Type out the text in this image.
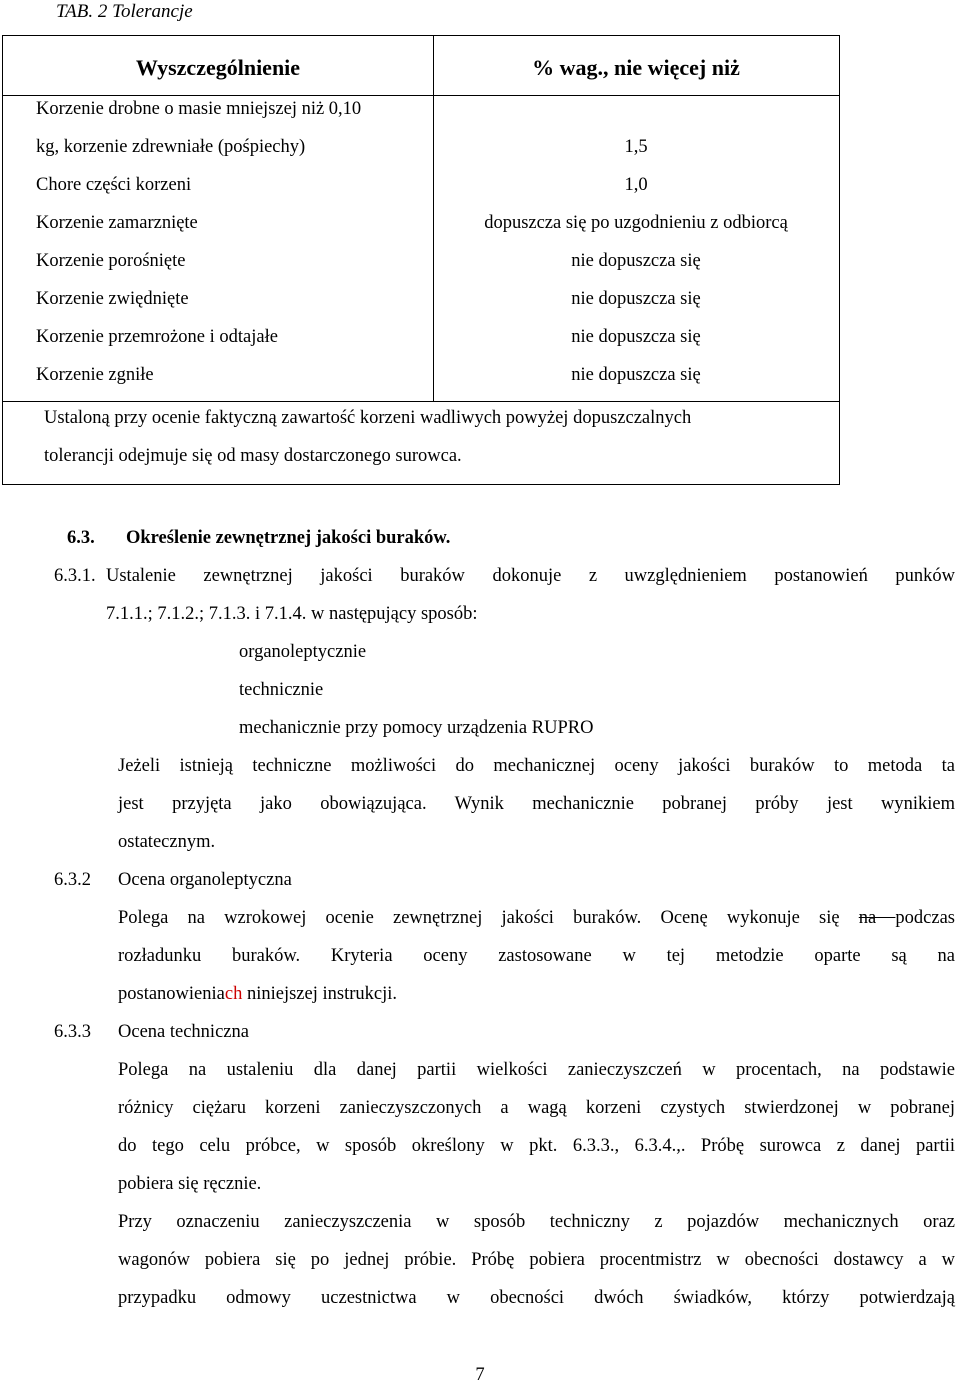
TAB. 2 Tolerancje
Wyszczególnienie	% wag., nie więcej niż
Korzenie drobne o masie mniejszej niż 0,10
kg, korzenie zdrewniałe (pośpiechy)	1,5
Chore części korzeni	1,0
Korzenie zamarznięte	dopuszcza się po uzgodnieniu z odbiorcą
Korzenie porośnięte	nie dopuszcza się
Korzenie zwiędnięte	nie dopuszcza się
Korzenie przemrożone i odtajałe	nie dopuszcza się
Korzenie zgniłe	nie dopuszcza się
Ustaloną przy ocenie faktyczną zawartość korzeni wadliwych powyżej dopuszczalnych
tolerancji odejmuje się od masy dostarczonego surowca.
6.3. Określenie zewnętrznej jakości buraków.
6.3.1. Ustalenie zewnętrznej jakości buraków dokonuje z uwzględnieniem postanowień punków
7.1.1.; 7.1.2.; 7.1.3. i 7.1.4. w następujący sposób:
organoleptycznie
technicznie
mechanicznie przy pomocy urządzenia RUPRO
Jeżeli istnieją techniczne możliwości do mechanicznej oceny jakości buraków to metoda ta
jest przyjęta jako obowiązująca. Wynik mechanicznie pobranej próby jest wynikiem
ostatecznym.
6.3.2 Ocena organoleptyczna
Polega na wzrokowej ocenie zewnętrznej jakości buraków. Ocenę wykonuje się na podczas
rozładunku buraków. Kryteria oceny zastosowane w tej metodzie oparte są na
postanowieniach niniejszej instrukcji.
6.3.3 Ocena techniczna
Polega na ustaleniu dla danej partii wielkości zanieczyszczeń w procentach, na podstawie
różnicy ciężaru korzeni zanieczyszczonych a wagą korzeni czystych stwierdzonej w pobranej
do tego celu próbce, w sposób określony w pkt. 6.3.3., 6.3.4.,. Próbę surowca z danej partii
pobiera się ręcznie.
Przy oznaczeniu zanieczyszczenia w sposób techniczny z pojazdów mechanicznych oraz
wagonów pobiera się po jednej próbie. Próbę pobiera procentmistrz w obecności dostawcy a w
przypadku odmowy uczestnictwa w obecności dwóch świadków, którzy potwierdzają
7
